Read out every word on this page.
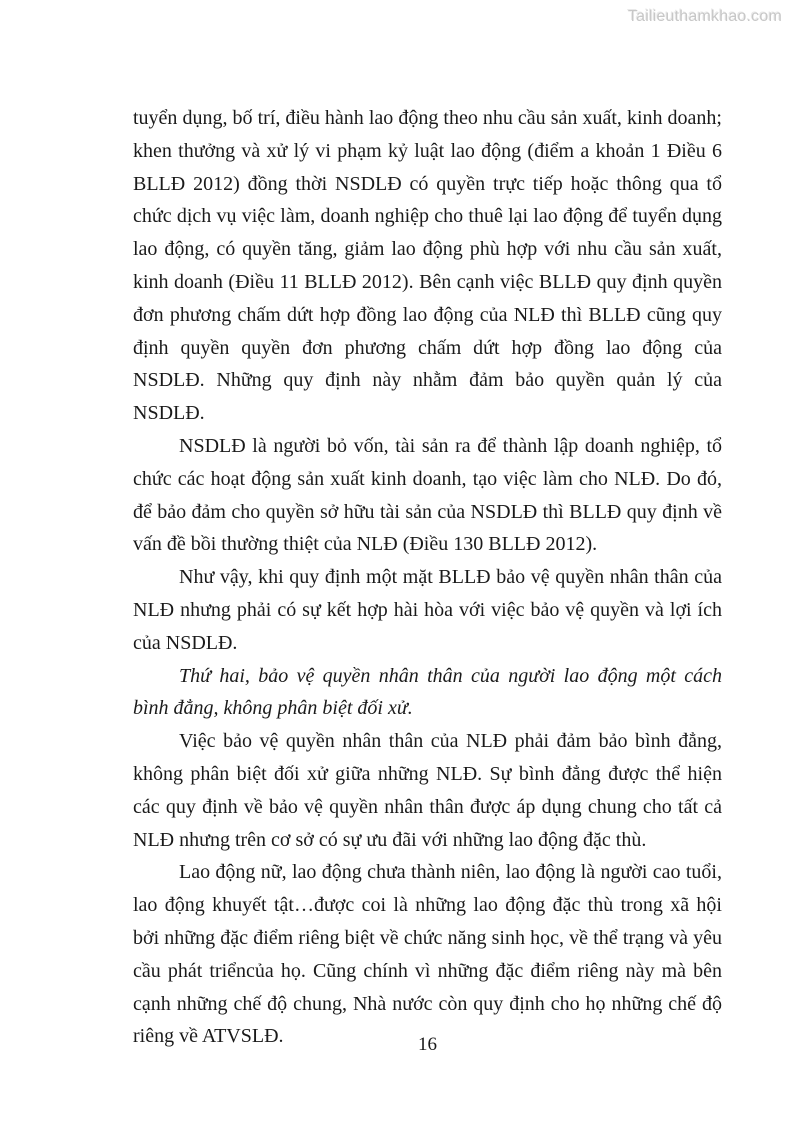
Tailieuthamkhao.com

tuyển dụng, bố trí, điều hành lao động theo nhu cầu sản xuất, kinh doanh; khen thưởng và xử lý vi phạm kỷ luật lao động (điểm a khoản 1 Điều 6 BLLĐ 2012) đồng thời NSDLĐ có quyền trực tiếp hoặc thông qua tổ chức dịch vụ việc làm, doanh nghiệp cho thuê lại lao động để tuyển dụng lao động, có quyền tăng, giảm lao động phù hợp với nhu cầu sản xuất, kinh doanh (Điều 11 BLLĐ 2012). Bên cạnh việc BLLĐ quy định quyền đơn phương chấm dứt hợp đồng lao động của NLĐ thì BLLĐ cũng quy định quyền quyền đơn phương chấm dứt hợp đồng lao động của NSDLĐ. Những quy định này nhằm đảm bảo quyền quản lý của NSDLĐ.

NSDLĐ là người bỏ vốn, tài sản ra để thành lập doanh nghiệp, tổ chức các hoạt động sản xuất kinh doanh, tạo việc làm cho NLĐ. Do đó, để bảo đảm cho quyền sở hữu tài sản của NSDLĐ thì BLLĐ quy định về vấn đề bồi thường thiệt của NLĐ (Điều 130 BLLĐ 2012).

Như vậy, khi quy định một mặt BLLĐ bảo vệ quyền nhân thân của NLĐ nhưng phải có sự kết hợp hài hòa với việc bảo vệ quyền và lợi ích của NSDLĐ.

Thứ hai, bảo vệ quyền nhân thân của người lao động một cách bình đẳng, không phân biệt đối xử.

Việc bảo vệ quyền nhân thân của NLĐ phải đảm bảo bình đẳng, không phân biệt đối xử giữa những NLĐ. Sự bình đẳng được thể hiện các quy định về bảo vệ quyền nhân thân được áp dụng chung cho tất cả NLĐ nhưng trên cơ sở có sự ưu đãi với những lao động đặc thù.

Lao động nữ, lao động chưa thành niên, lao động là người cao tuổi, lao động khuyết tật…được coi là những lao động đặc thù trong xã hội bởi những đặc điểm riêng biệt về chức năng sinh học, về thể trạng và yêu cầu phát triểncủa họ. Cũng chính vì những đặc điểm riêng này mà bên cạnh những chế độ chung, Nhà nước còn quy định cho họ những chế độ riêng về ATVSLĐ.	16
